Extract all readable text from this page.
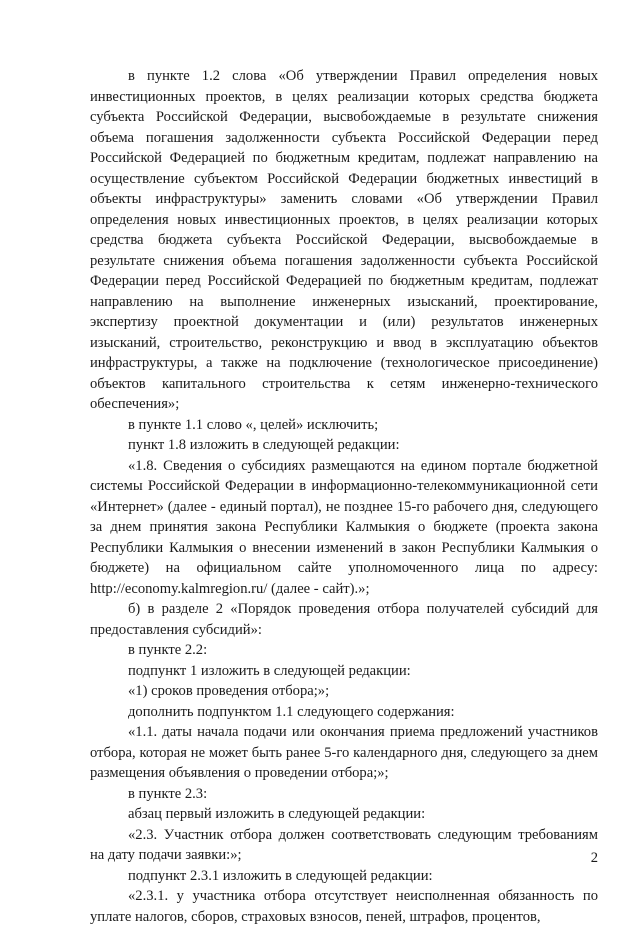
в пункте 1.2 слова «Об утверждении Правил определения новых инвестиционных проектов, в целях реализации которых средства бюджета субъекта Российской Федерации, высвобождаемые в результате снижения объема погашения задолженности субъекта Российской Федерации перед Российской Федерацией по бюджетным кредитам, подлежат направлению на осуществление субъектом Российской Федерации бюджетных инвестиций в объекты инфраструктуры» заменить словами «Об утверждении Правил определения новых инвестиционных проектов, в целях реализации которых средства бюджета субъекта Российской Федерации, высвобождаемые в результате снижения объема погашения задолженности субъекта Российской Федерации перед Российской Федерацией по бюджетным кредитам, подлежат направлению на выполнение инженерных изысканий, проектирование, экспертизу проектной документации и (или) результатов инженерных изысканий, строительство, реконструкцию и ввод в эксплуатацию объектов инфраструктуры, а также на подключение (технологическое присоединение) объектов капитального строительства к сетям инженерно-технического обеспечения»;

в пункте 1.1 слово «, целей» исключить;

пункт 1.8 изложить в следующей редакции:

«1.8. Сведения о субсидиях размещаются на едином портале бюджетной системы Российской Федерации в информационно-телекоммуникационной сети «Интернет» (далее - единый портал), не позднее 15-го рабочего дня, следующего за днем принятия закона Республики Калмыкия о бюджете (проекта закона Республики Калмыкия о внесении изменений в закон Республики Калмыкия о бюджете) на официальном сайте уполномоченного лица по адресу: http://economy.kalmregion.ru/ (далее - сайт).»;

б) в разделе 2 «Порядок проведения отбора получателей субсидий для предоставления субсидий»:

в пункте 2.2:

подпункт 1 изложить в следующей редакции:

«1) сроков проведения отбора;»;

дополнить подпунктом 1.1 следующего содержания:

«1.1. даты начала подачи или окончания приема предложений участников отбора, которая не может быть ранее 5-го календарного дня, следующего за днем размещения объявления о проведении отбора;»;

в пункте 2.3:

абзац первый изложить в следующей редакции:

«2.3. Участник отбора должен соответствовать следующим требованиям на дату подачи заявки:»;

подпункт 2.3.1 изложить в следующей редакции:

«2.3.1. у участника отбора отсутствует неисполненная обязанность по уплате налогов, сборов, страховых взносов, пеней, штрафов, процентов,

2
